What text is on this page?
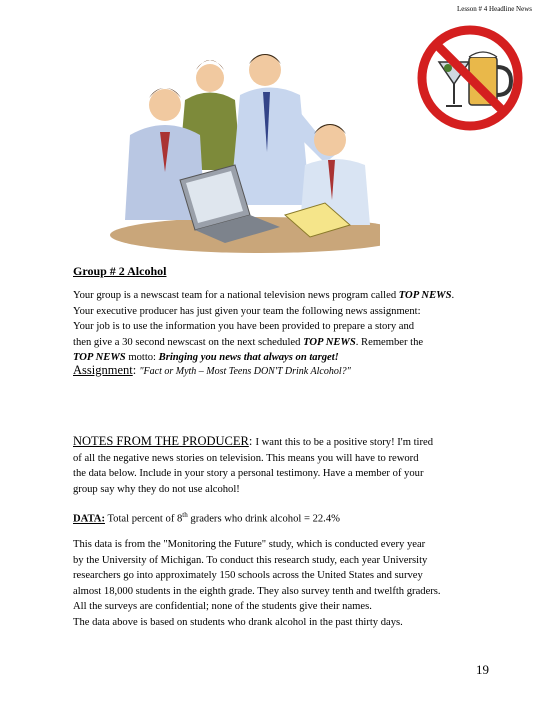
Lesson # 4 Headline News

Group # 2 Alcohol

Your group is a newscast team for a national television news program called TOP NEWS.

Your executive producer has just given your team the following news assignment:

Your job is to use the information you have been provided to prepare a story and

then give a 30 second newscast on the next scheduled TOP NEWS. Remember the

TOP NEWS motto: Bringing you news that always on target!

Assignment: "Fact or Myth – Most Teens DON'T Drink Alcohol?"

NOTES FROM THE PRODUCER: I want this to be a positive story! I'm tired

of all the negative news stories on television. This means you will have to reword

the data below. Include in your story a personal testimony. Have a member of your

group say why they do not use alcohol!

DATA: Total percent of 8th graders who drink alcohol = 22.4%

This data is from the "Monitoring the Future" study, which is conducted every year

by the University of Michigan. To conduct this research study, each year University

researchers go into approximately 150 schools across the United States and survey

almost 18,000 students in the eighth grade. They also survey tenth and twelfth graders.

All the surveys are confidential; none of the students give their names.

The data above is based on students who drank alcohol in the past thirty days.

19
